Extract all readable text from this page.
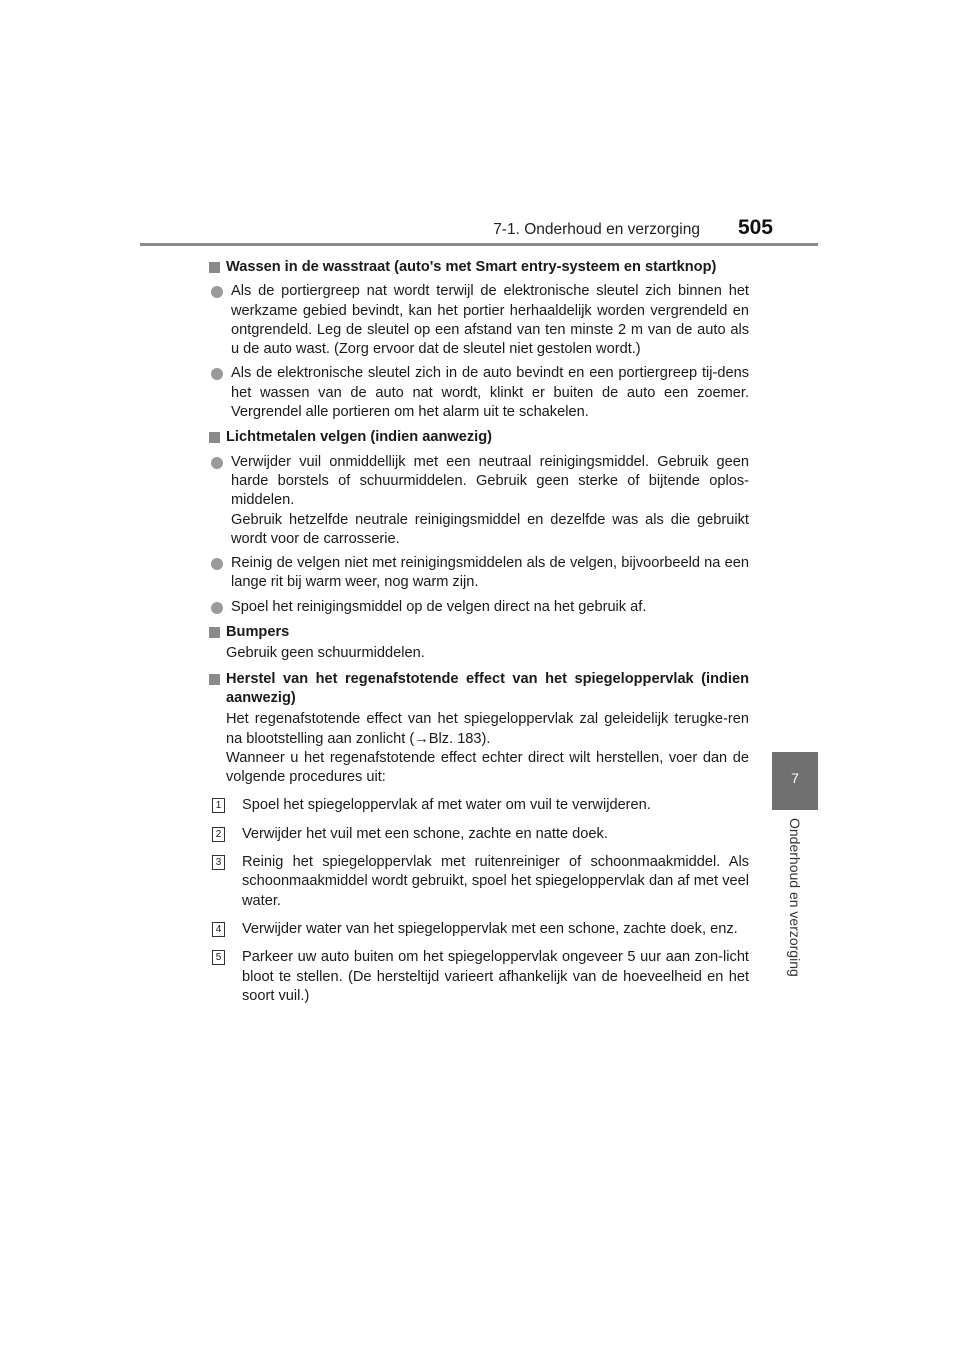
7-1. Onderhoud en verzorging 505
7
Onderhoud en verzorging
Wassen in de wasstraat (auto's met Smart entry-systeem en startknop)
Als de portiergreep nat wordt terwijl de elektronische sleutel zich binnen het werkzame gebied bevindt, kan het portier herhaaldelijk worden vergrendeld en ontgrendeld. Leg de sleutel op een afstand van ten minste 2 m van de auto als u de auto wast. (Zorg ervoor dat de sleutel niet gestolen wordt.)
Als de elektronische sleutel zich in de auto bevindt en een portiergreep tij-dens het wassen van de auto nat wordt, klinkt er buiten de auto een zoemer. Vergrendel alle portieren om het alarm uit te schakelen.
Lichtmetalen velgen (indien aanwezig)
Verwijder vuil onmiddellijk met een neutraal reinigingsmiddel. Gebruik geen harde borstels of schuurmiddelen. Gebruik geen sterke of bijtende oplos-middelen.
Gebruik hetzelfde neutrale reinigingsmiddel en dezelfde was als die gebruikt wordt voor de carrosserie.
Reinig de velgen niet met reinigingsmiddelen als de velgen, bijvoorbeeld na een lange rit bij warm weer, nog warm zijn.
Spoel het reinigingsmiddel op de velgen direct na het gebruik af.
Bumpers
Gebruik geen schuurmiddelen.
Herstel van het regenafstotende effect van het spiegeloppervlak (indien aanwezig)
Het regenafstotende effect van het spiegeloppervlak zal geleidelijk terugke-ren na blootstelling aan zonlicht (→Blz. 183).
Wanneer u het regenafstotende effect echter direct wilt herstellen, voer dan de volgende procedures uit:
1 Spoel het spiegeloppervlak af met water om vuil te verwijderen.
2 Verwijder het vuil met een schone, zachte en natte doek.
3 Reinig het spiegeloppervlak met ruitenreiniger of schoonmaakmiddel. Als schoonmaakmiddel wordt gebruikt, spoel het spiegeloppervlak dan af met veel water.
4 Verwijder water van het spiegeloppervlak met een schone, zachte doek, enz.
5 Parkeer uw auto buiten om het spiegeloppervlak ongeveer 5 uur aan zon-licht bloot te stellen. (De hersteltijd varieert afhankelijk van de hoeveelheid en het soort vuil.)
